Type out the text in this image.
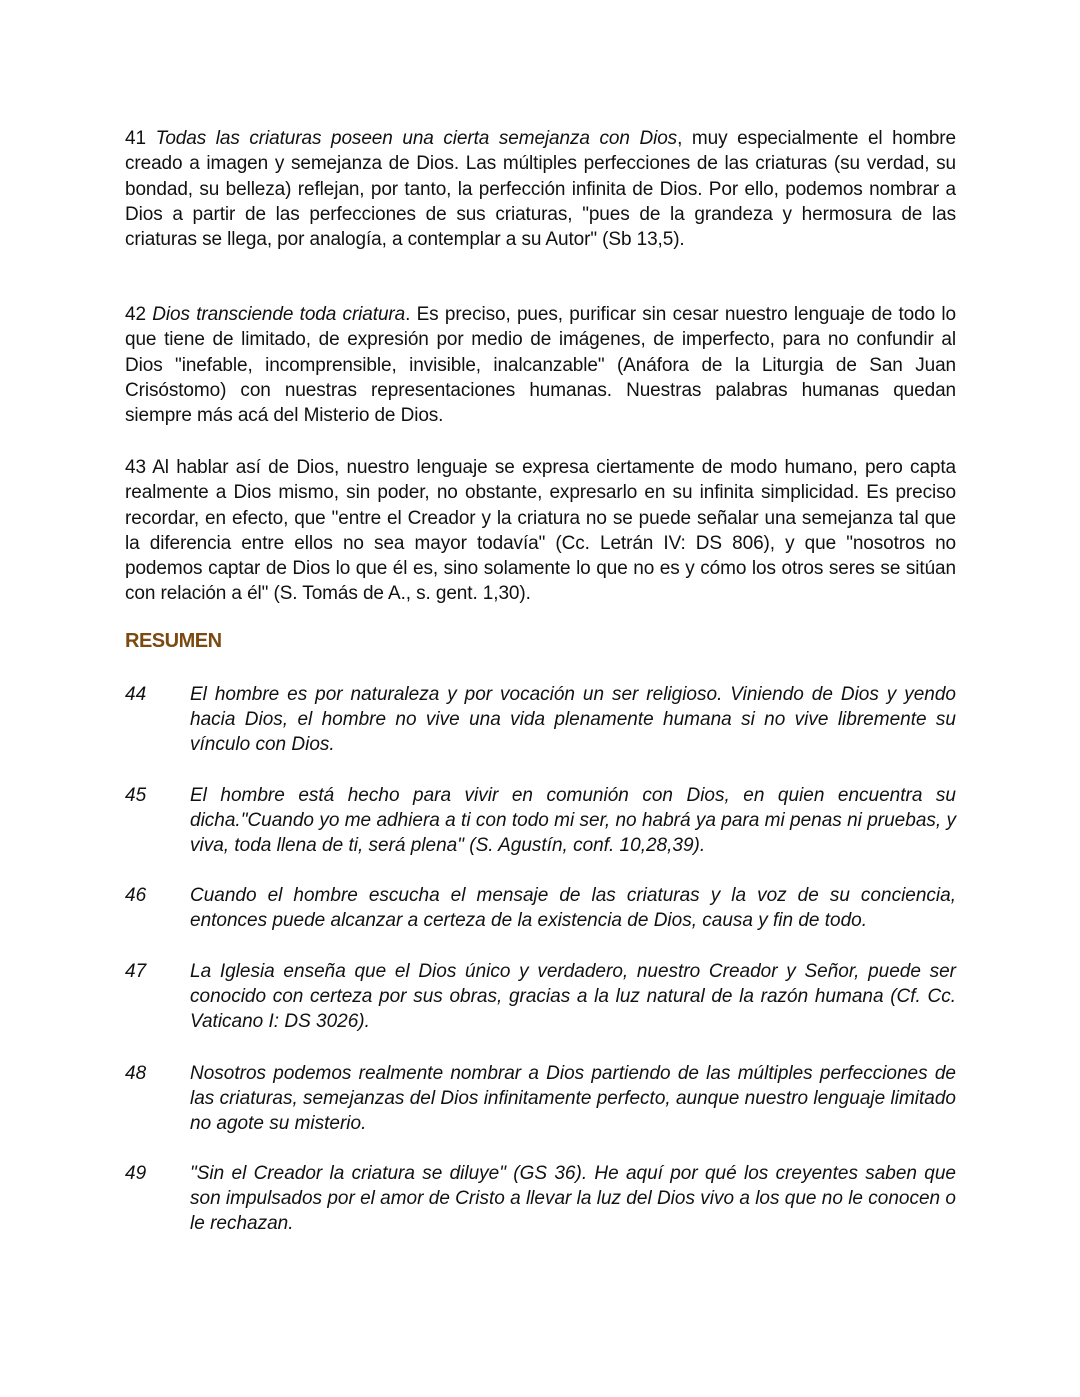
41 Todas las criaturas poseen una cierta semejanza con Dios, muy especialmente el hombre creado a imagen y semejanza de Dios. Las múltiples perfecciones de las criaturas (su verdad, su bondad, su belleza) reflejan, por tanto, la perfección infinita de Dios. Por ello, podemos nombrar a Dios a partir de las perfecciones de sus criaturas, "pues de la grandeza y hermosura de las criaturas se llega, por analogía, a contemplar a su Autor" (Sb 13,5).

42 Dios transciende toda criatura. Es preciso, pues, purificar sin cesar nuestro lenguaje de todo lo que tiene de limitado, de expresión por medio de imágenes, de imperfecto, para no confundir al Dios "inefable, incomprensible, invisible, inalcanzable" (Anáfora de la Liturgia de San Juan Crisóstomo) con nuestras representaciones humanas. Nuestras palabras humanas quedan siempre más acá del Misterio de Dios.

43 Al hablar así de Dios, nuestro lenguaje se expresa ciertamente de modo humano, pero capta realmente a Dios mismo, sin poder, no obstante, expresarlo en su infinita simplicidad. Es preciso recordar, en efecto, que "entre el Creador y la criatura no se puede señalar una semejanza tal que la diferencia entre ellos no sea mayor todavía" (Cc. Letrán IV: DS 806), y que "nosotros no podemos captar de Dios lo que él es, sino solamente lo que no es y cómo los otros seres se sitúan con relación a él" (S. Tomás de A., s. gent. 1,30).

RESUMEN
44 El hombre es por naturaleza y por vocación un ser religioso. Viniendo de Dios y yendo hacia Dios, el hombre no vive una vida plenamente humana si no vive libremente su vínculo con Dios.
45 El hombre está hecho para vivir en comunión con Dios, en quien encuentra su dicha."Cuando yo me adhiera a ti con todo mi ser, no habrá ya para mi penas ni pruebas, y viva, toda llena de ti, será plena" (S. Agustín, conf. 10,28,39).
46 Cuando el hombre escucha el mensaje de las criaturas y la voz de su conciencia, entonces puede alcanzar a certeza de la existencia de Dios, causa y fin de todo.
47 La Iglesia enseña que el Dios único y verdadero, nuestro Creador y Señor, puede ser conocido con certeza por sus obras, gracias a la luz natural de la razón humana (Cf. Cc. Vaticano I: DS 3026).
48 Nosotros podemos realmente nombrar a Dios partiendo de las múltiples perfecciones de las criaturas, semejanzas del Dios infinitamente perfecto, aunque nuestro lenguaje limitado no agote su misterio.
49 "Sin el Creador la criatura se diluye" (GS 36). He aquí por qué los creyentes saben que son impulsados por el amor de Cristo a llevar la luz del Dios vivo a los que no le conocen o le rechazan.
